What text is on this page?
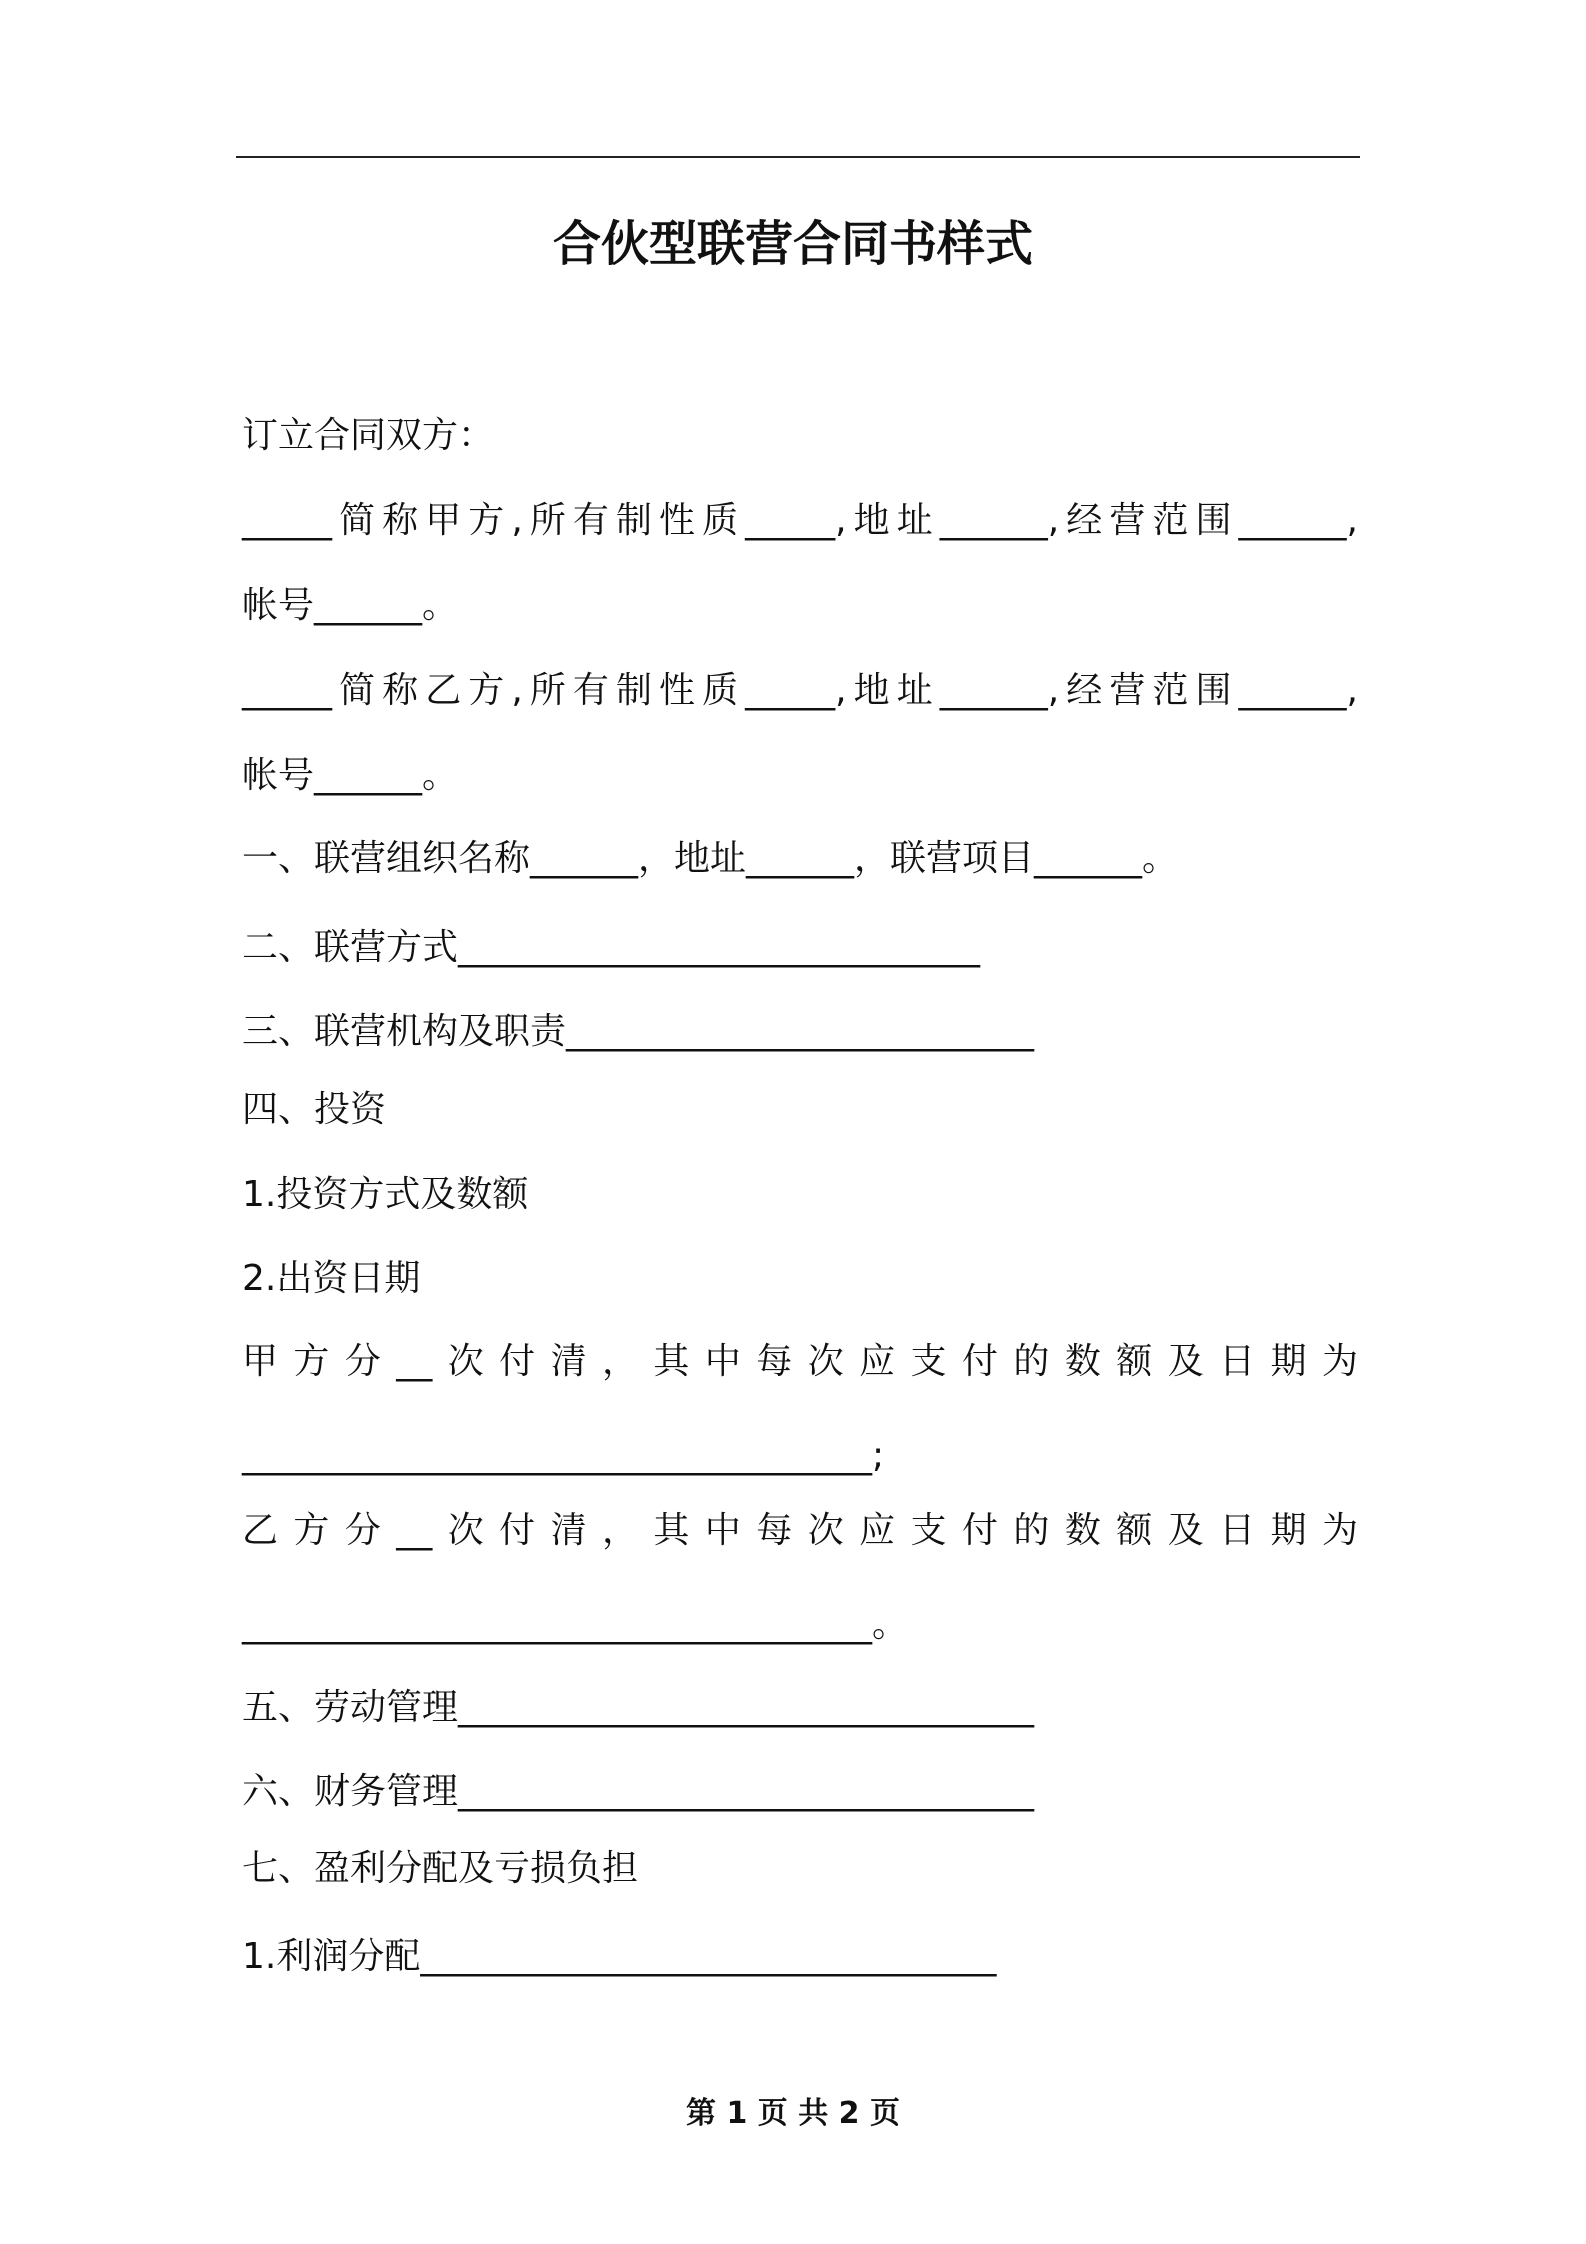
合伙型联营合同书样式

订立合同双方：

_____简称甲方,所有制性质_____,地址______,经营范围______,

帐号______。

_____简称乙方,所有制性质_____,地址______,经营范围______,

帐号______。

一、联营组织名称______，地址______，联营项目______。

二、联营方式_____________________________

三、联营机构及职责__________________________

四、投资

1.投资方式及数额

2.出资日期

甲方分__次付清，其中每次应支付的数额及日期为

___________________________________;

乙方分__次付清，其中每次应支付的数额及日期为

___________________________________。

五、劳动管理________________________________

六、财务管理________________________________

七、盈利分配及亏损负担

1.利润分配________________________________

第 1 页 共 2 页
